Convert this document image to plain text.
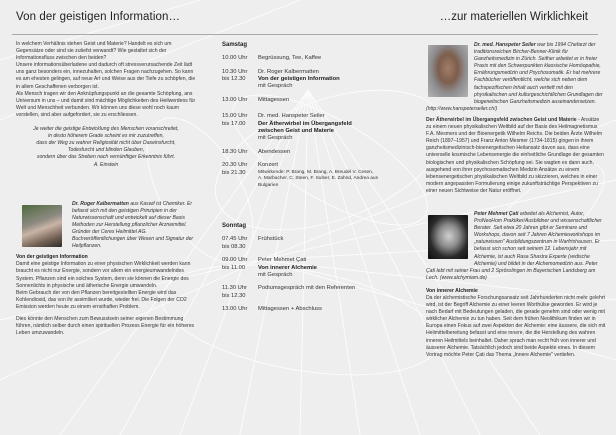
Von der geistigen Information…	…zur materiellen Wirklichkeit

In welchem Verhältnis stehen Geist und Materie? Handelt es sich um Gegensätze oder sind sie zutiefst verwandt? Wie gestaltet sich der Informationsfluss zwischen den beiden?

Unsere informationsüberladene und dadurch oft stressverursachende Zeit lädt uns ganz besonders ein, innezuhalten, solchen Fragen nachzugehen. So kann es am ehesten gelingen, auf neue Art und Weise aus der Tiefe zu schöpfen, die in allem Geschaffenen verborgen ist.

Als Mensch tragen wir den Anknüpfungspunkt an die gesamte Schöpfung, ans Universum in uns – und damit sind mächtige Möglichkeiten des Heilwerdens für Welt und Menschheit verbunden. Wir können uns diese wohl noch kaum vorstellen, sind aber aufgefordert, sie zu erschliessen.

Je weiter die geistige Entwicklung des Menschen voranschreitet,
in desto höherem Grade scheint es mir zuzutreffen,
dass der Weg zu wahrer Religiosität nicht über Daseinsfurcht,
Todesfurcht und blinden Glauben,
sondern über das Streben nach vernünftiger Erkenntnis führt.
A. Einstein
Dr. Roger Kalbermatten aus Kaswil ist Chemiker. Er befasst sich mit den geistigen Prinzipien in der Naturwissenschaft und entwickelt auf dieser Basis Methoden zur Herstellung pflanzlicher Arzneimittel.
Gründer der Ceres Heilmittel AG. Buchveröffentlichungen über Wesen und Signatur der Heilpflanzen.
Von der geistigen Information

Damit eine geistige Information zu einer physischen Wirklichkeit werden kann braucht es nicht nur Energie, sondern vor allem ein energieumwandelndes System. Pflanzen sind ein solches System, denn sie können die Energie des Sonnenlichts in physische und ätherische Energie umwandeln.

Beim Gebrauch der von den Pflanzen bereitgestellten Energie wird das Kohlendioxid, das von ihr assimiliert wurde, wieder frei. Die Folgen der CO2 Emission werden heute zu einem ernsthaften Problem.

Dies könnte den Menschen zum Bewusstsein seiner eigenen Bestimmung führen, nämlich selber durch einen spirituellen Prozess Energie für ein höheres Leben umzuwandeln.

Samstag
10.00 Uhr	Begrüssung, Tee, Kaffee
10.30 Uhr
bis 12.30
Dr. Roger Kalbermatten
Von der geistigen Information
mit Gespräch
13.00 Uhr	Mittagessen
15.00 Uhr
bis 17.00
Dr. med. Hanspeter Seiler
Der Ätherwirbel im Übergangsfeld zwischen Geist und Materie
mit Gespräch
18.30 Uhr	Abendessen
20.30 Uhr
bis 21.30
Konzert
Mitwirkende: P. Brang, M. Brang, A. Breudel V. Cesen, A. Marbacher, C. Steen, F. Sulser, E. Zahnd, Andrea aus Bulgarien
Sonntag
07.45 Uhr
bis 08.30
Frühstück
09.00 Uhr
bis 11.00
Peter Mehmet Çati
Von innerer Alchemie
mit Gespräch
11.30 Uhr
bis 12.30
Podiumsgespräch mit den Referenten
13.00 Uhr	Mittagessen + Abschluss
Dr. med. Hanspeter Seiler war bis 1994 Chefarzt der traditionsreichen Bircher-Benner-Klinik für Ganzheitsmedizin in Zürich. Seither arbeitet er in freier Praxis mit den Schwerpunkten klassische Homöopathie, Ernährungsmedizin und Psychosomatik. Er hat mehrere Fachbücher veröffentlicht, welche sich neben dem fachspezifischen Inhalt auch vertieft mit den physikalischen und kulturgeschichtlichen Grundlagen der biogenetischen Ganzheitsmedizin auseinandersetzen. (http://www.hanspeterseiler.ch/)

Der Ätherwirbel im Übergangsfeld zwischen Geist und Materie - Ansätze zu einem neuen physikalischen Weltbild auf der Basis des Heilmagnetismus F.A. Mesmers und der Bioenergetik Wilhelm Reichs. Die beiden Ärzte Wilhelm Reich (1897–1957) und Franz Anton Mesmer (1734-1815) gingen in ihrem ganzheitsmedizinisch-bioenergetischen Heilansatz davon aus, dass eine universelle kosmische Lebensenergie die einheitliche Grundlage der gesamten biologischen und physikalischen Schöpfung sei. Sie wagten es dann auch, ausgehend von ihrer psychosomatischen Medizin Ansätze zu einem lebensenergetischen physikalischen Weltbild zu skizzieren, welches in einer modern angepassten Formulierung einige zukunftsträchtige Perspektiven zu einer neuen Sichtweise der Natur eröffnet.

Peter Mehmet Çati arbeitet als Alchemist, Autor, ProNeoHom Praktiker/Ausbildner und wissenschaftlicher Berater. Seit etwa 20 Jahren gibt er Seminare und Workshops, davon seit 7 Jahren Alchemieworkshops im „naturwissen" Ausbildungszentrum in Warfrtshausen. Er befasst sich schon seit seinem 12. Lebensjahr mit Alchemie, ist auch Rasa Shastra Experte (vedische Alchemie) und bildet in der Alchemomedizin aus. Peter Çati lebt mit seiner Frau und 2 Sprösslingen im Bayerischen Landsberg am Lech. (www.alchymiam.de)
Von innerer Alchemie

Da der alchemistische Forschungsansatz seit Jahrhunderten nicht mehr gelehrt wird, ist der Begriff Alchemie zu einer leeren Worthülse geworden. Er wird je nach Bedarf mit Bedeutungen geladen, die gerade genehm sind oder wenig mit wirklicher Alchemie zu tun haben. Seit dem frühen Neolithikum finden wir in Europa einen Fokus auf zwei Aspekten der Alchemie: eine äussere, die sich mit Heilmittelbereitung befasst und eine innere, die die Herstellung des wahren inneren Heilmittels beinhaltet. Daher sprach man recht früh von innerer und äusserer Alchemie. Tatsächlich jedoch sind beide Aspekte eines. In diesem Vortrag möchte Peter Çati das Thema „Innere Alchemie" vertiefen.
